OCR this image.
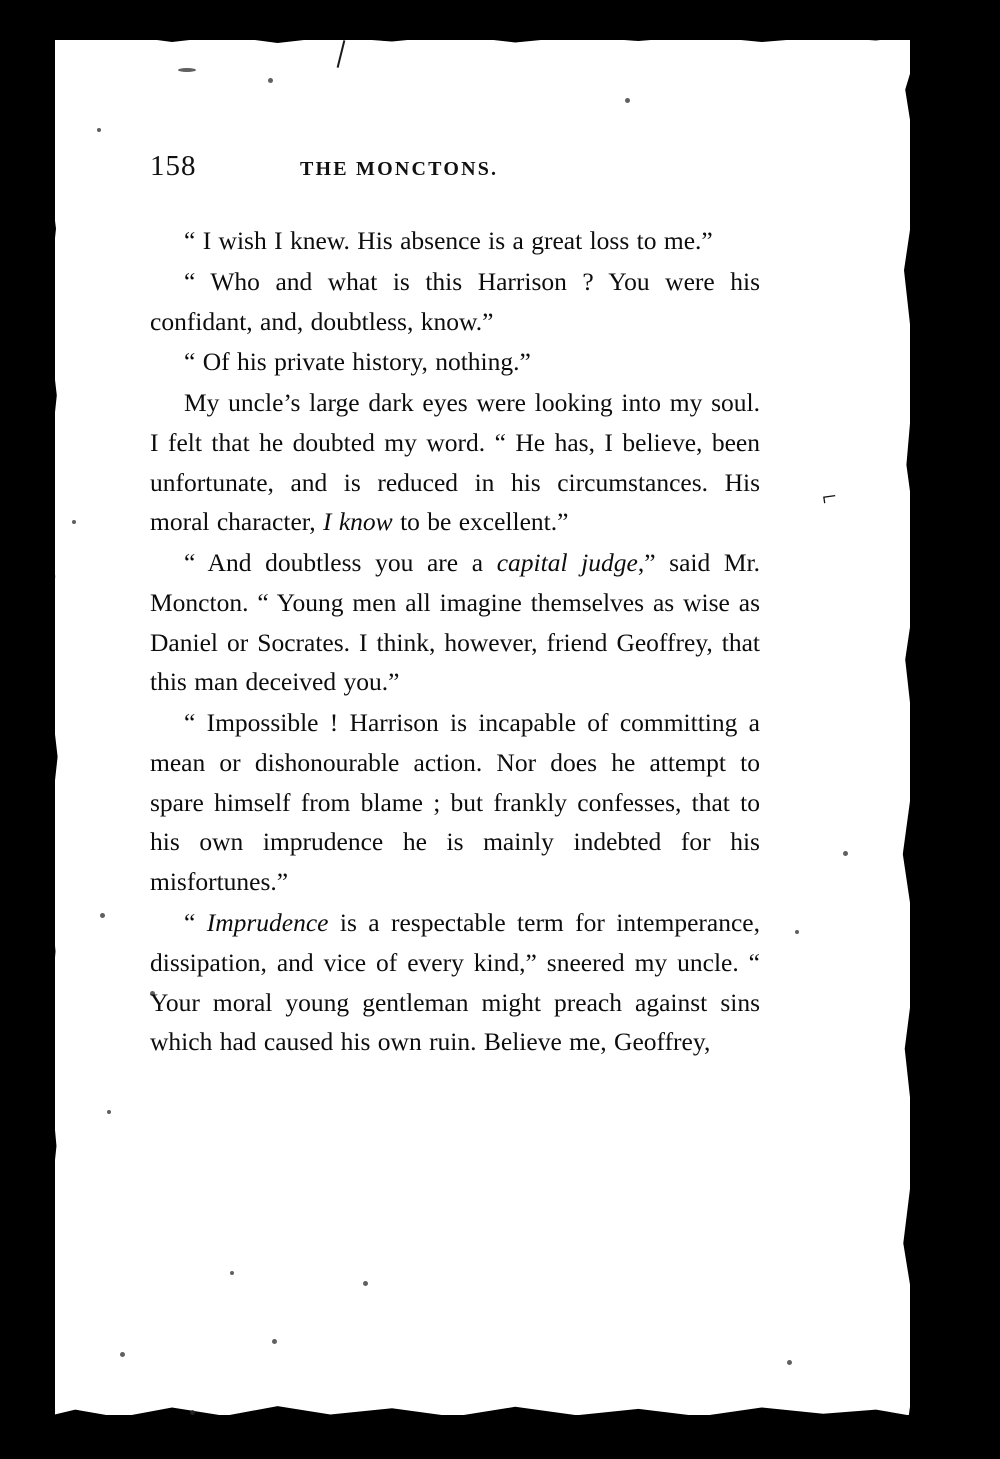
158	THE MONCTONS.

“ I wish I knew. His absence is a great loss to me.”

“ Who and what is this Harrison ? You were his confidant, and, doubtless, know.”

“ Of his private history, nothing.”

My uncle’s large dark eyes were looking into my soul. I felt that he doubted my word. “ He has, I believe, been unfortunate, and is reduced in his circumstances. His moral character, I know to be excellent.”

“ And doubtless you are a capital judge,” said Mr. Moncton. “ Young men all imagine themselves as wise as Daniel or Socrates. I think, however, friend Geoffrey, that this man deceived you.”

“ Impossible ! Harrison is incapable of committing a mean or dishonourable action. Nor does he attempt to spare himself from blame ; but frankly confesses, that to his own imprudence he is mainly indebted for his misfortunes.”

“ Imprudence is a respectable term for intemperance, dissipation, and vice of every kind,” sneered my uncle. “ Your moral young gentleman might preach against sins which had caused his own ruin. Believe me, Geoffrey,

⌐
